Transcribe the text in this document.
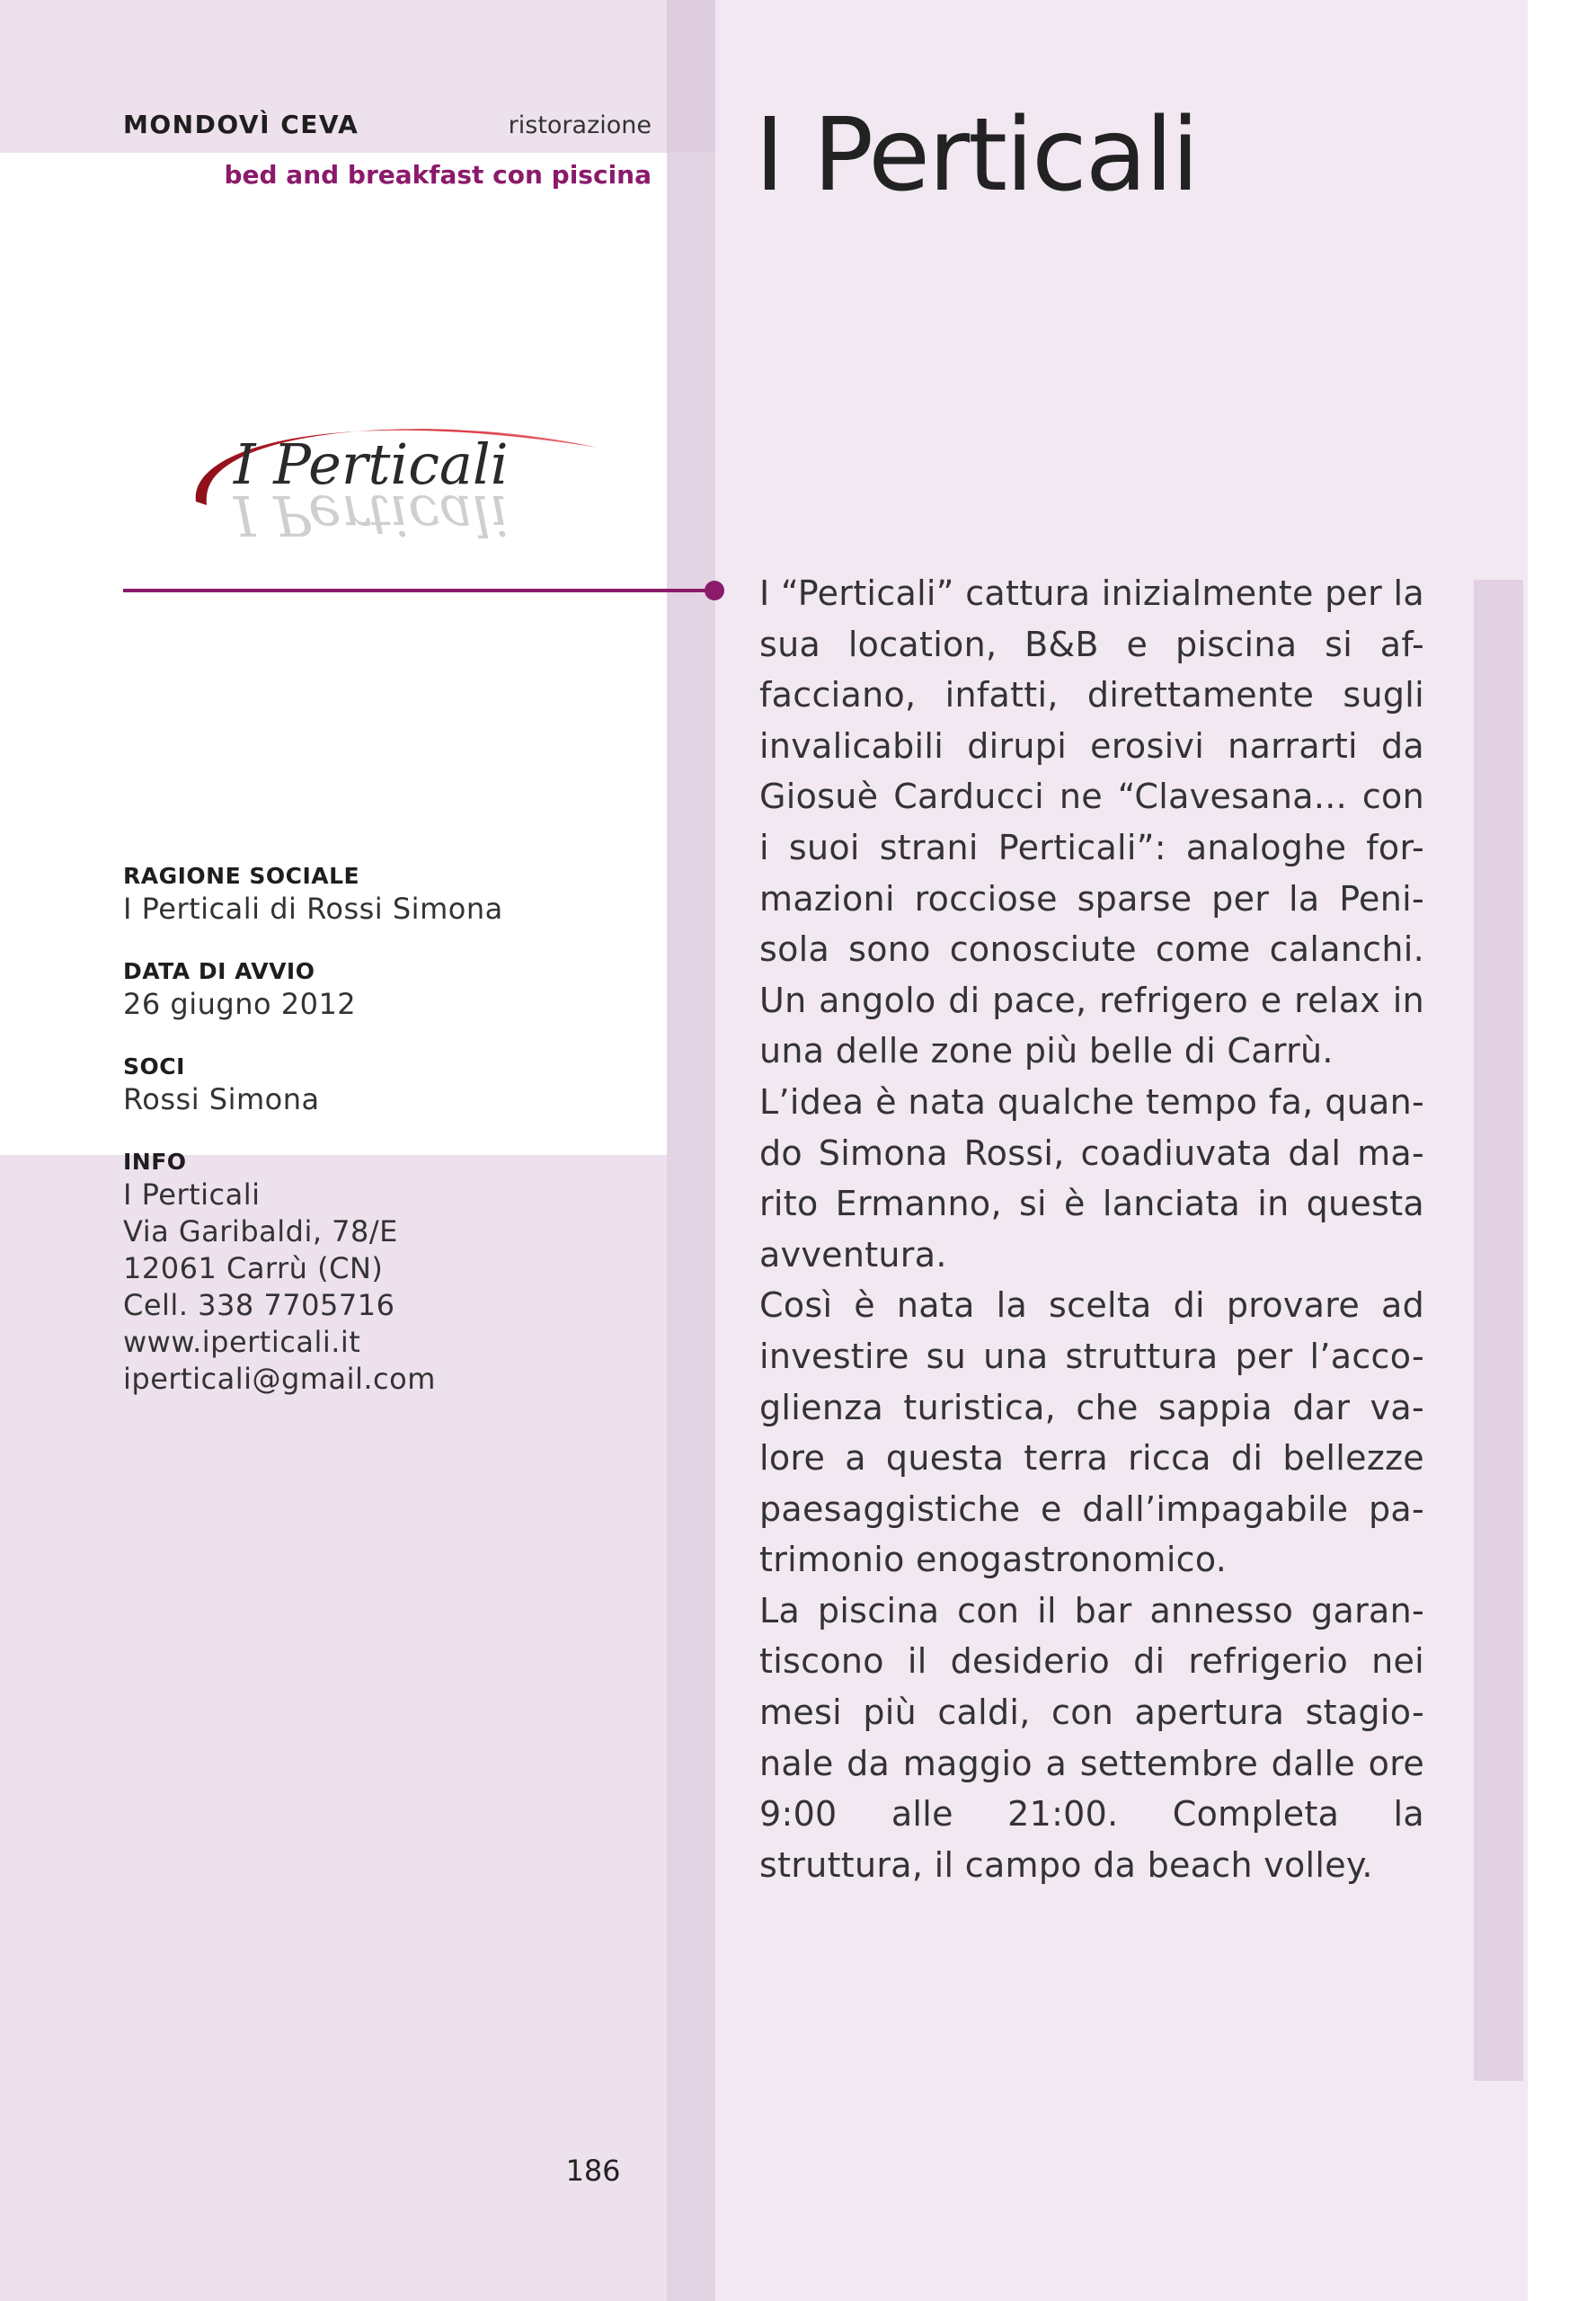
MONDOVÌ CEVA	ristorazione
bed and breakfast con piscina I Perticali
I Perticali
I Perticali
RAGIONE SOCIALE
I Perticali di Rossi Simona
DATA DI AVVIO
26 giugno 2012
SOCI
Rossi Simona
INFO
I Perticali
Via Garibaldi, 78/E
12061 Carrù (CN)
Cell. 338 7705716
www.iperticali.it
iperticali@gmail.com

I “Perticali” cattura inizialmente per la sua location, B&B e piscina si af-facciano, infatti, direttamente sugli invalicabili dirupi erosivi narrarti da Giosuè Carducci ne “Clavesana... con i suoi strani Perticali”: analoghe for-mazioni rocciose sparse per la Peni-sola sono conosciute come calanchi. Un angolo di pace, refrigero e relax in una delle zone più belle di Carrù.

L’idea è nata qualche tempo fa, quan-do Simona Rossi, coadiuvata dal ma-rito Ermanno, si è lanciata in questa avventura.

Così è nata la scelta di provare ad investire su una struttura per l’acco-glienza turistica, che sappia dar va-lore a questa terra ricca di bellezze paesaggistiche e dall’impagabile pa-trimonio enogastronomico.

La piscina con il bar annesso garan-tiscono il desiderio di refrigerio nei mesi più caldi, con apertura stagio-nale da maggio a settembre dalle ore 9:00 alle 21:00. Completa la struttura, il campo da beach volley.

186
